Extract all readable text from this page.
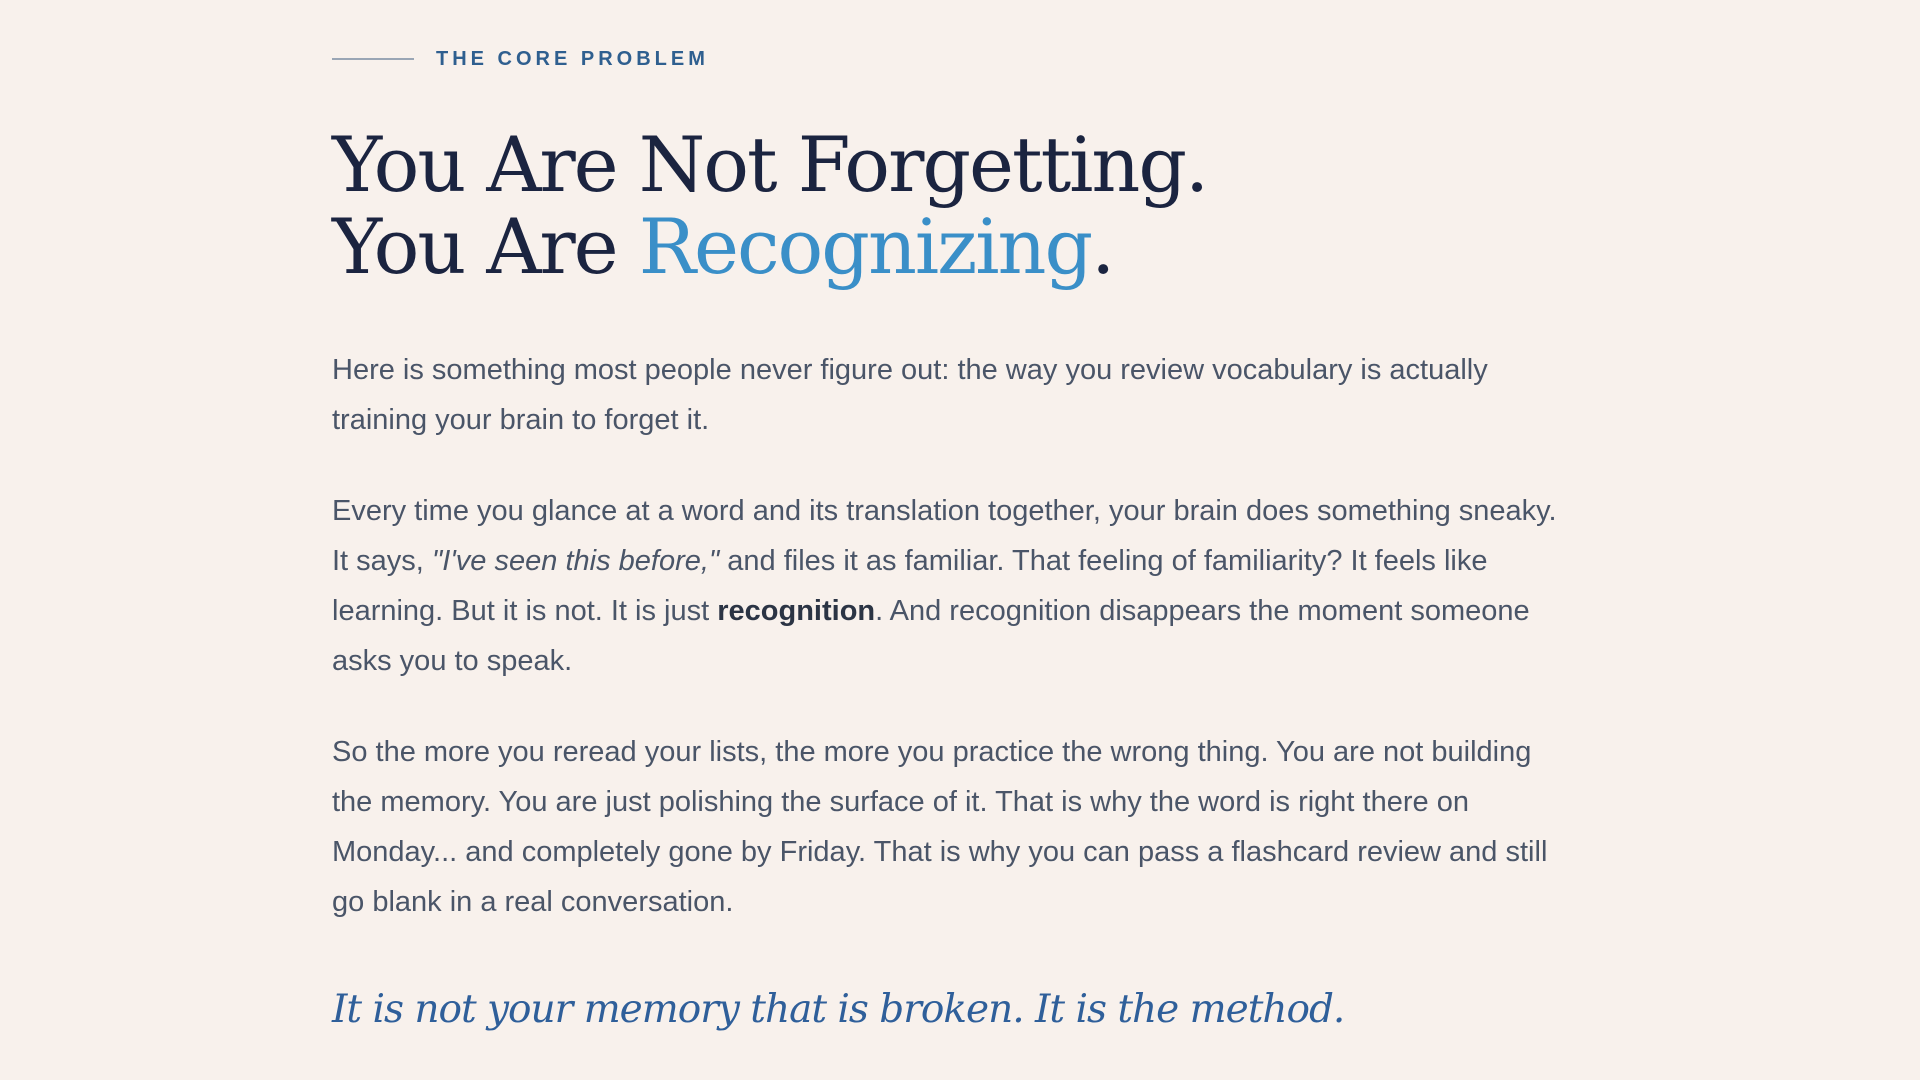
THE CORE PROBLEM
You Are Not Forgetting.
You Are Recognizing.

Here is something most people never figure out: the way you review vocabulary is actually training your brain to forget it.

Every time you glance at a word and its translation together, your brain does something sneaky. It says, "I've seen this before," and files it as familiar. That feeling of familiarity? It feels like learning. But it is not. It is just recognition. And recognition disappears the moment someone asks you to speak.

So the more you reread your lists, the more you practice the wrong thing. You are not building the memory. You are just polishing the surface of it. That is why the word is right there on Monday... and completely gone by Friday. That is why you can pass a flashcard review and still go blank in a real conversation.

It is not your memory that is broken. It is the method.
